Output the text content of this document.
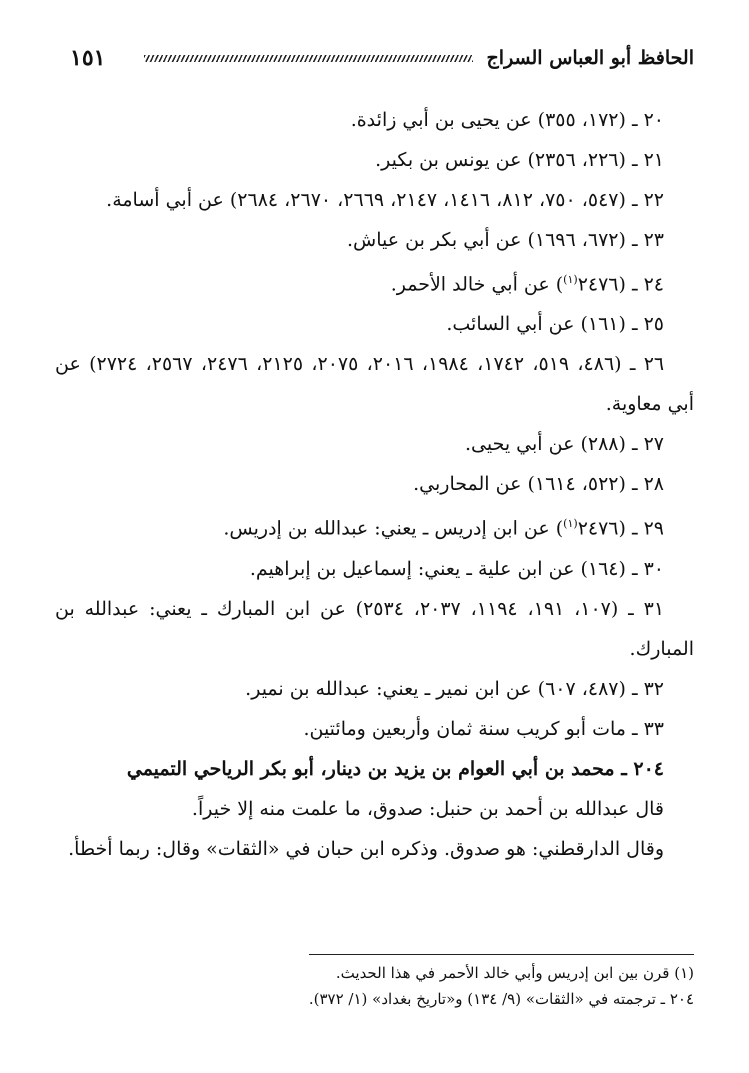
١٥١	الحافظ أبو العباس السراج

٢٠ ـ (١٧٢، ٣٥٥) عن يحيى بن أبي زائدة.

٢١ ـ (٢٢٦، ٢٣٥٦) عن يونس بن بكير.

٢٢ ـ (٥٤٧، ٧٥٠، ٨١٢، ١٤١٦، ٢١٤٧، ٢٦٦٩، ٢٦٧٠، ٢٦٨٤) عن أبي أسامة.

٢٣ ـ (٦٧٢، ١٦٩٦) عن أبي بكر بن عياش.

٢٤ ـ (٢٤٧٦$^{(١)}$) عن أبي خالد الأحمر.

٢٥ ـ (١٦١) عن أبي السائب.

٢٦ ـ (٤٨٦، ٥١٩، ١٧٤٢، ١٩٨٤، ٢٠١٦، ٢٠٧٥، ٢١٢٥، ٢٤٧٦، ٢٥٦٧، ٢٧٢٤) عن أبي معاوية.

٢٧ ـ (٢٨٨) عن أبي يحيى.

٢٨ ـ (٥٢٢، ١٦١٤) عن المحاربي.

٢٩ ـ (٢٤٧٦$^{(١)}$) عن ابن إدريس ـ يعني: عبدالله بن إدريس.

٣٠ ـ (١٦٤) عن ابن علية ـ يعني: إسماعيل بن إبراهيم.

٣١ ـ (١٠٧، ١٩١، ١١٩٤، ٢٠٣٧، ٢٥٣٤) عن ابن المبارك ـ يعني: عبدالله بن المبارك.

٣٢ ـ (٤٨٧، ٦٠٧) عن ابن نمير ـ يعني: عبدالله بن نمير.

٣٣ ـ مات أبو كريب سنة ثمان وأربعين ومائتين.

٢٠٤ ـ محمد بن أبي العوام بن يزيد بن دينار، أبو بكر الرياحي التميمي

قال عبدالله بن أحمد بن حنبل: صدوق، ما علمت منه إلا خيراً.

وقال الدارقطني: هو صدوق. وذكره ابن حبان في «الثقات» وقال: ربما أخطأ.

(١) قرن بين ابن إدريس وأبي خالد الأحمر في هذا الحديث.

٢٠٤ ـ ترجمته في «الثقات» (٩/ ١٣٤) و«تاريخ بغداد» (١/ ٣٧٢).
